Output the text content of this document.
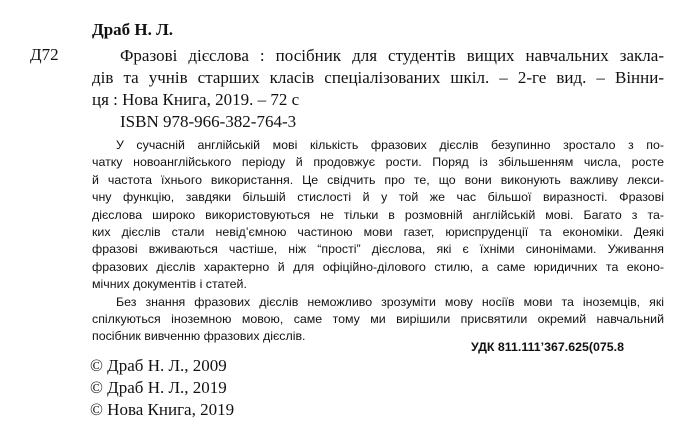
Драб Н. Л.
Д72	Фразові дієслова : посібник для студентів вищих навчальних закла-
дів та учнів старших класів спеціалізованих шкіл. – 2-ге вид. – Вінни-
ця : Нова Книга, 2019. – 72 с
ISBN 978-966-382-764-3
У сучасній англійській мові кількість фразових дієслів безупинно зростало з по-
чатку новоанглійського періоду й продовжує рости. Поряд із збільшенням числа, росте
й частота їхнього використання. Це свідчить про те, що вони виконують важливу лекси-
чну функцію, завдяки більшій стислості й у той же час більшої виразності. Фразові
дієслова широко використовуються не тільки в розмовній англійській мові. Багато з та-
ких дієслів стали невід’ємною частиною мови газет, юриспруденції та економіки. Деякі
фразові вживаються частіше, ніж “прості” дієслова, які є їхніми синонімами. Уживання
фразових дієслів характерно й для офіційно-ділового стилю, а саме юридичних та еконо-
мічних документів і статей.
Без знання фразових дієслів неможливо зрозуміти мову носіїв мови та іноземців, які
спілкуються іноземною мовою, саме тому ми вирішили присвятили окремий навчальний
посібник вивченню фразових дієслів.
УДК 811.111’367.625(075.8
© Драб Н. Л., 2009
© Драб Н. Л., 2019
© Нова Книга, 2019
